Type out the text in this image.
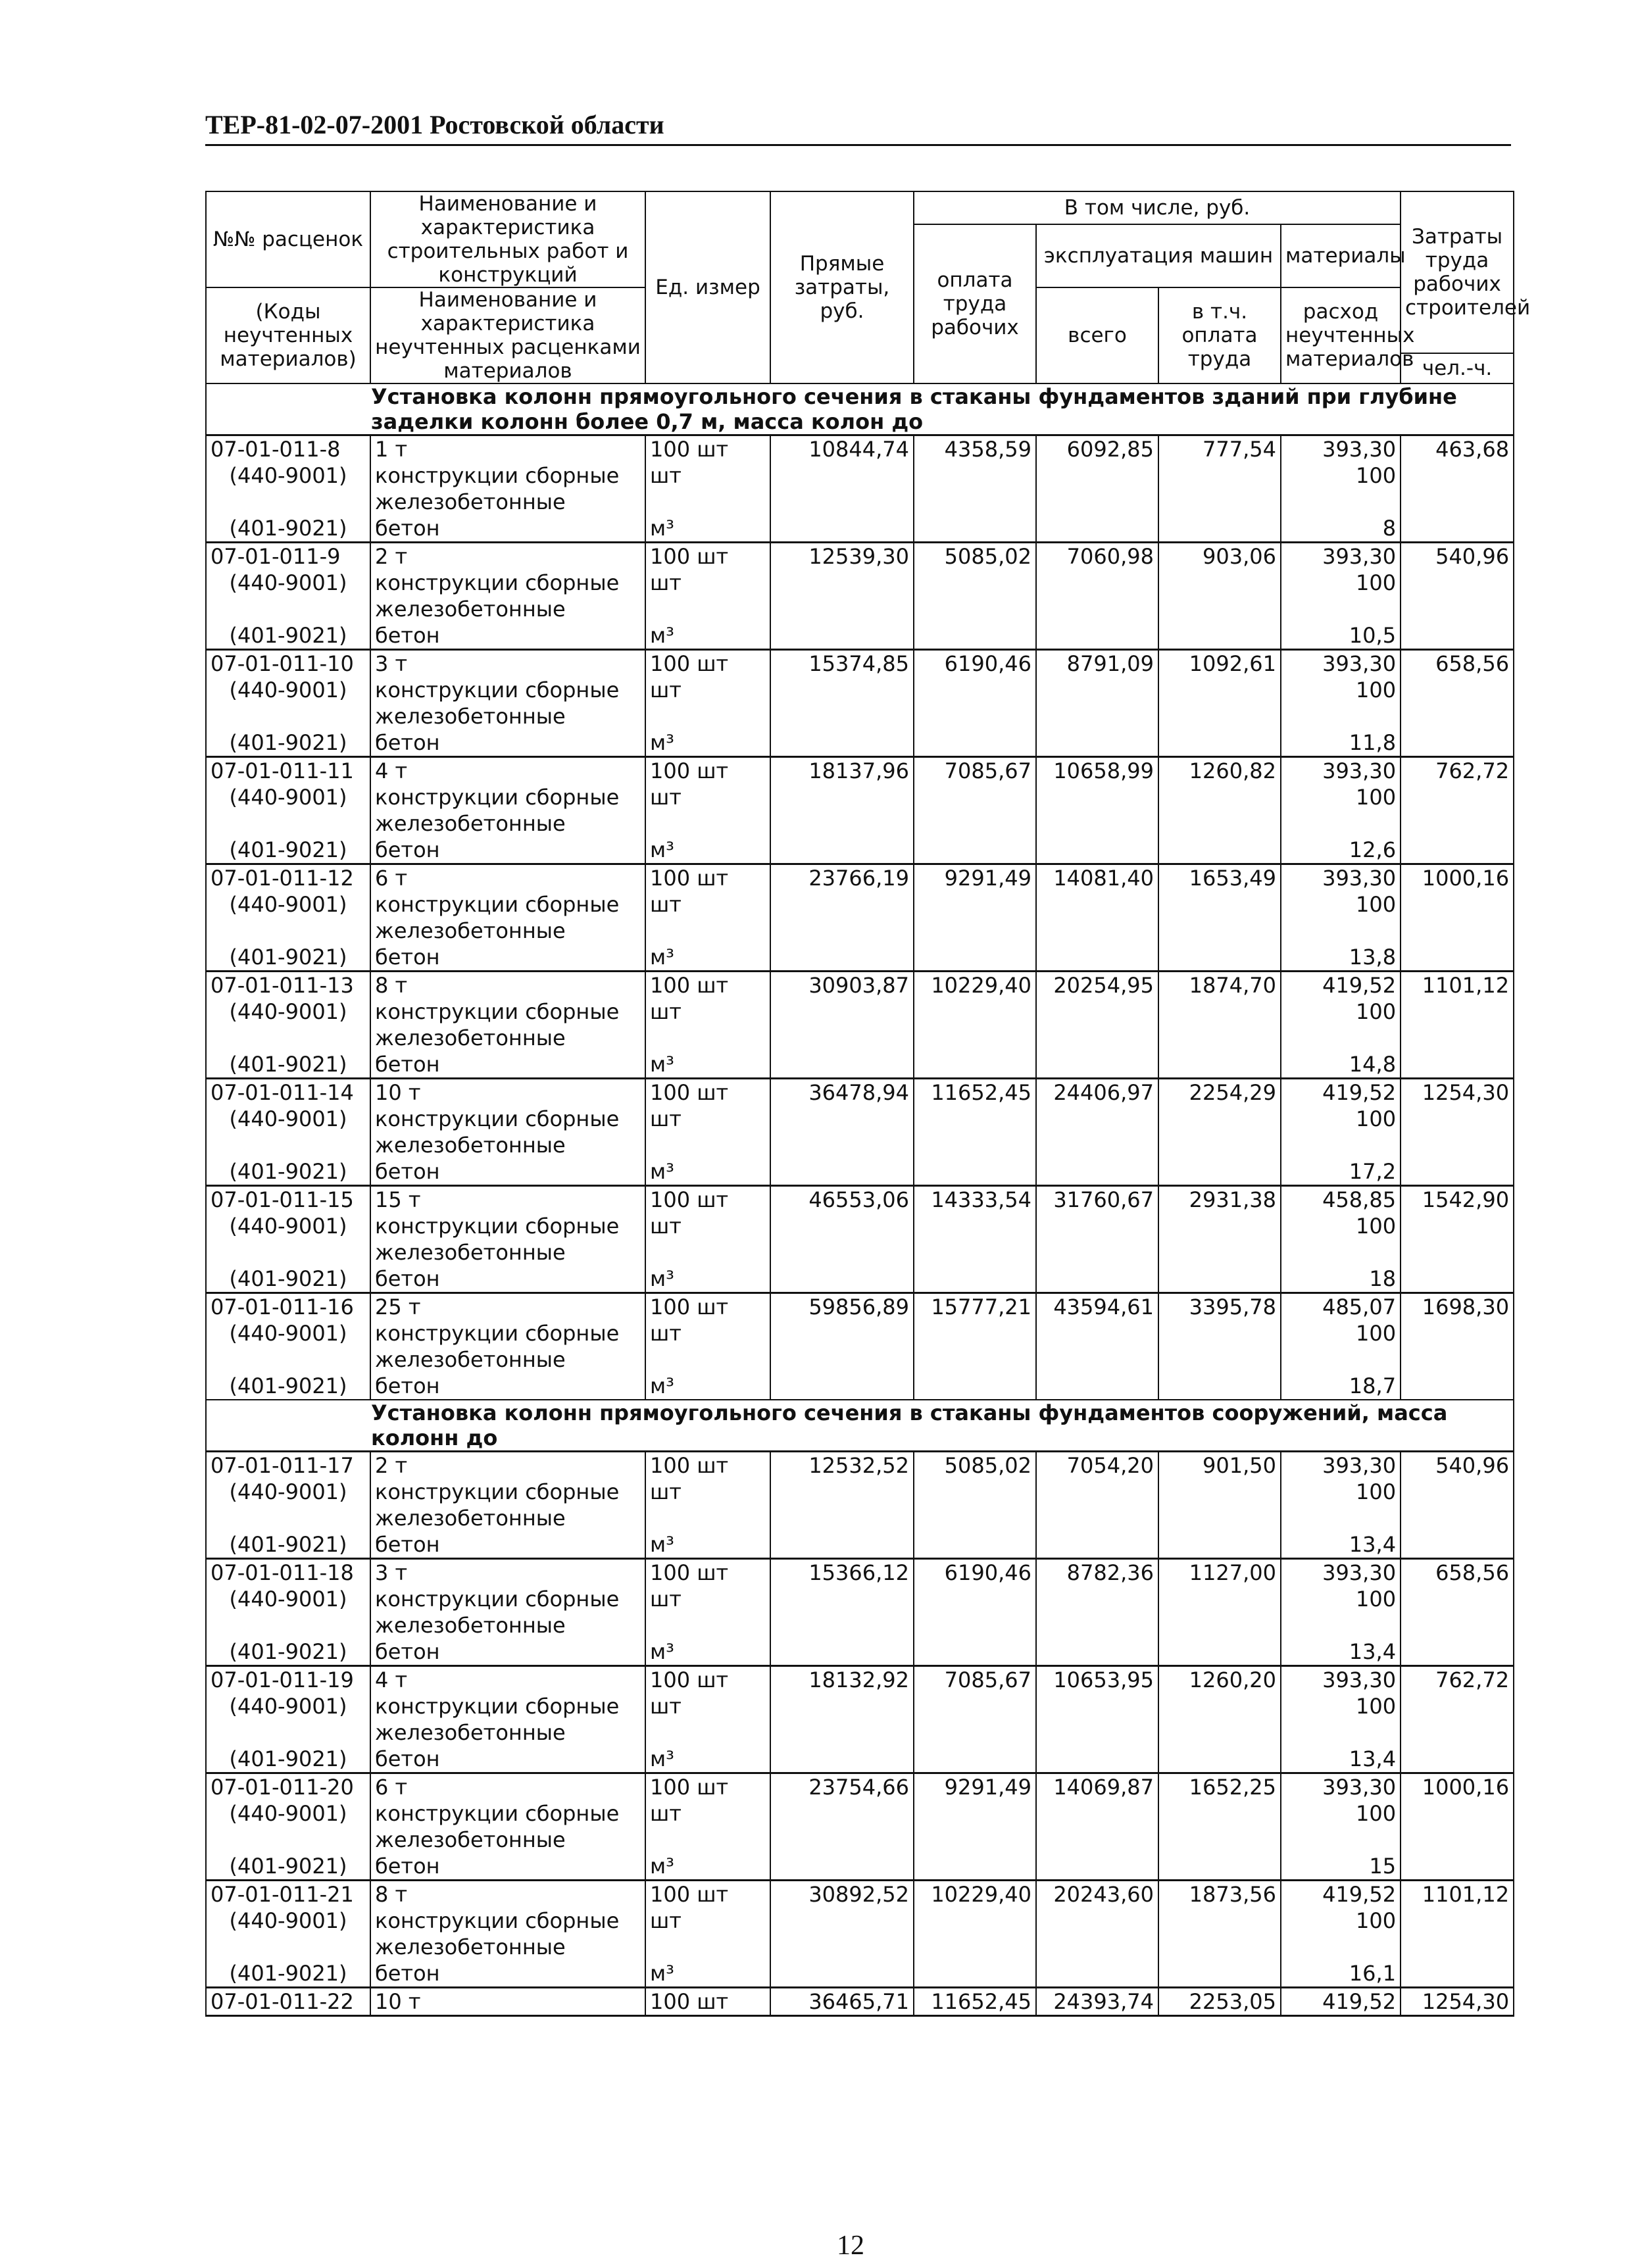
ТЕР-81-02-07-2001 Ростовской области
№№ расценок	Наименование и характеристика строительных работ и конструкций	Ед. измер	Прямые затраты, руб.	В том числе, руб.				Затраты труда рабочих строителей
				оплата труда рабочих	эксплуатация машин		материалы	
(Коды неучтенных материалов)	Наименование и характеристика неучтенных расценками материалов				всего	в т.ч. оплата труда	расход неучтенных материалов	
								чел.-ч.
Установка колонн прямоугольного сечения в стаканы фундаментов зданий при глубине заделки колонн более 0,7 м, масса колон до								
07-01-011-8	1 т	100 шт	10844,74	4358,59	6092,85	777,54	393,30	463,68
(440-9001)	конструкции сборные железобетонные	шт					100	
(401-9021)	бетон	м³					8	
07-01-011-9	2 т	100 шт	12539,30	5085,02	7060,98	903,06	393,30	540,96
(440-9001)	конструкции сборные железобетонные	шт					100	
(401-9021)	бетон	м³					10,5	
07-01-011-10	3 т	100 шт	15374,85	6190,46	8791,09	1092,61	393,30	658,56
(440-9001)	конструкции сборные железобетонные	шт					100	
(401-9021)	бетон	м³					11,8	
07-01-011-11	4 т	100 шт	18137,96	7085,67	10658,99	1260,82	393,30	762,72
(440-9001)	конструкции сборные железобетонные	шт					100	
(401-9021)	бетон	м³					12,6	
07-01-011-12	6 т	100 шт	23766,19	9291,49	14081,40	1653,49	393,30	1000,16
(440-9001)	конструкции сборные железобетонные	шт					100	
(401-9021)	бетон	м³					13,8	
07-01-011-13	8 т	100 шт	30903,87	10229,40	20254,95	1874,70	419,52	1101,12
(440-9001)	конструкции сборные железобетонные	шт					100	
(401-9021)	бетон	м³					14,8	
07-01-011-14	10 т	100 шт	36478,94	11652,45	24406,97	2254,29	419,52	1254,30
(440-9001)	конструкции сборные железобетонные	шт					100	
(401-9021)	бетон	м³					17,2	
07-01-011-15	15 т	100 шт	46553,06	14333,54	31760,67	2931,38	458,85	1542,90
(440-9001)	конструкции сборные железобетонные	шт					100	
(401-9021)	бетон	м³					18	
07-01-011-16	25 т	100 шт	59856,89	15777,21	43594,61	3395,78	485,07	1698,30
(440-9001)	конструкции сборные железобетонные	шт					100	
(401-9021)	бетон	м³					18,7	
Установка колонн прямоугольного сечения в стаканы фундаментов сооружений, масса колонн до								
07-01-011-17	2 т	100 шт	12532,52	5085,02	7054,20	901,50	393,30	540,96
(440-9001)	конструкции сборные железобетонные	шт					100	
(401-9021)	бетон	м³					13,4	
07-01-011-18	3 т	100 шт	15366,12	6190,46	8782,36	1127,00	393,30	658,56
(440-9001)	конструкции сборные железобетонные	шт					100	
(401-9021)	бетон	м³					13,4	
07-01-011-19	4 т	100 шт	18132,92	7085,67	10653,95	1260,20	393,30	762,72
(440-9001)	конструкции сборные железобетонные	шт					100	
(401-9021)	бетон	м³					13,4	
07-01-011-20	6 т	100 шт	23754,66	9291,49	14069,87	1652,25	393,30	1000,16
(440-9001)	конструкции сборные железобетонные	шт					100	
(401-9021)	бетон	м³					15	
07-01-011-21	8 т	100 шт	30892,52	10229,40	20243,60	1873,56	419,52	1101,12
(440-9001)	конструкции сборные железобетонные	шт					100	
(401-9021)	бетон	м³					16,1	
07-01-011-22	10 т	100 шт	36465,71	11652,45	24393,74	2253,05	419,52	1254,30
12
